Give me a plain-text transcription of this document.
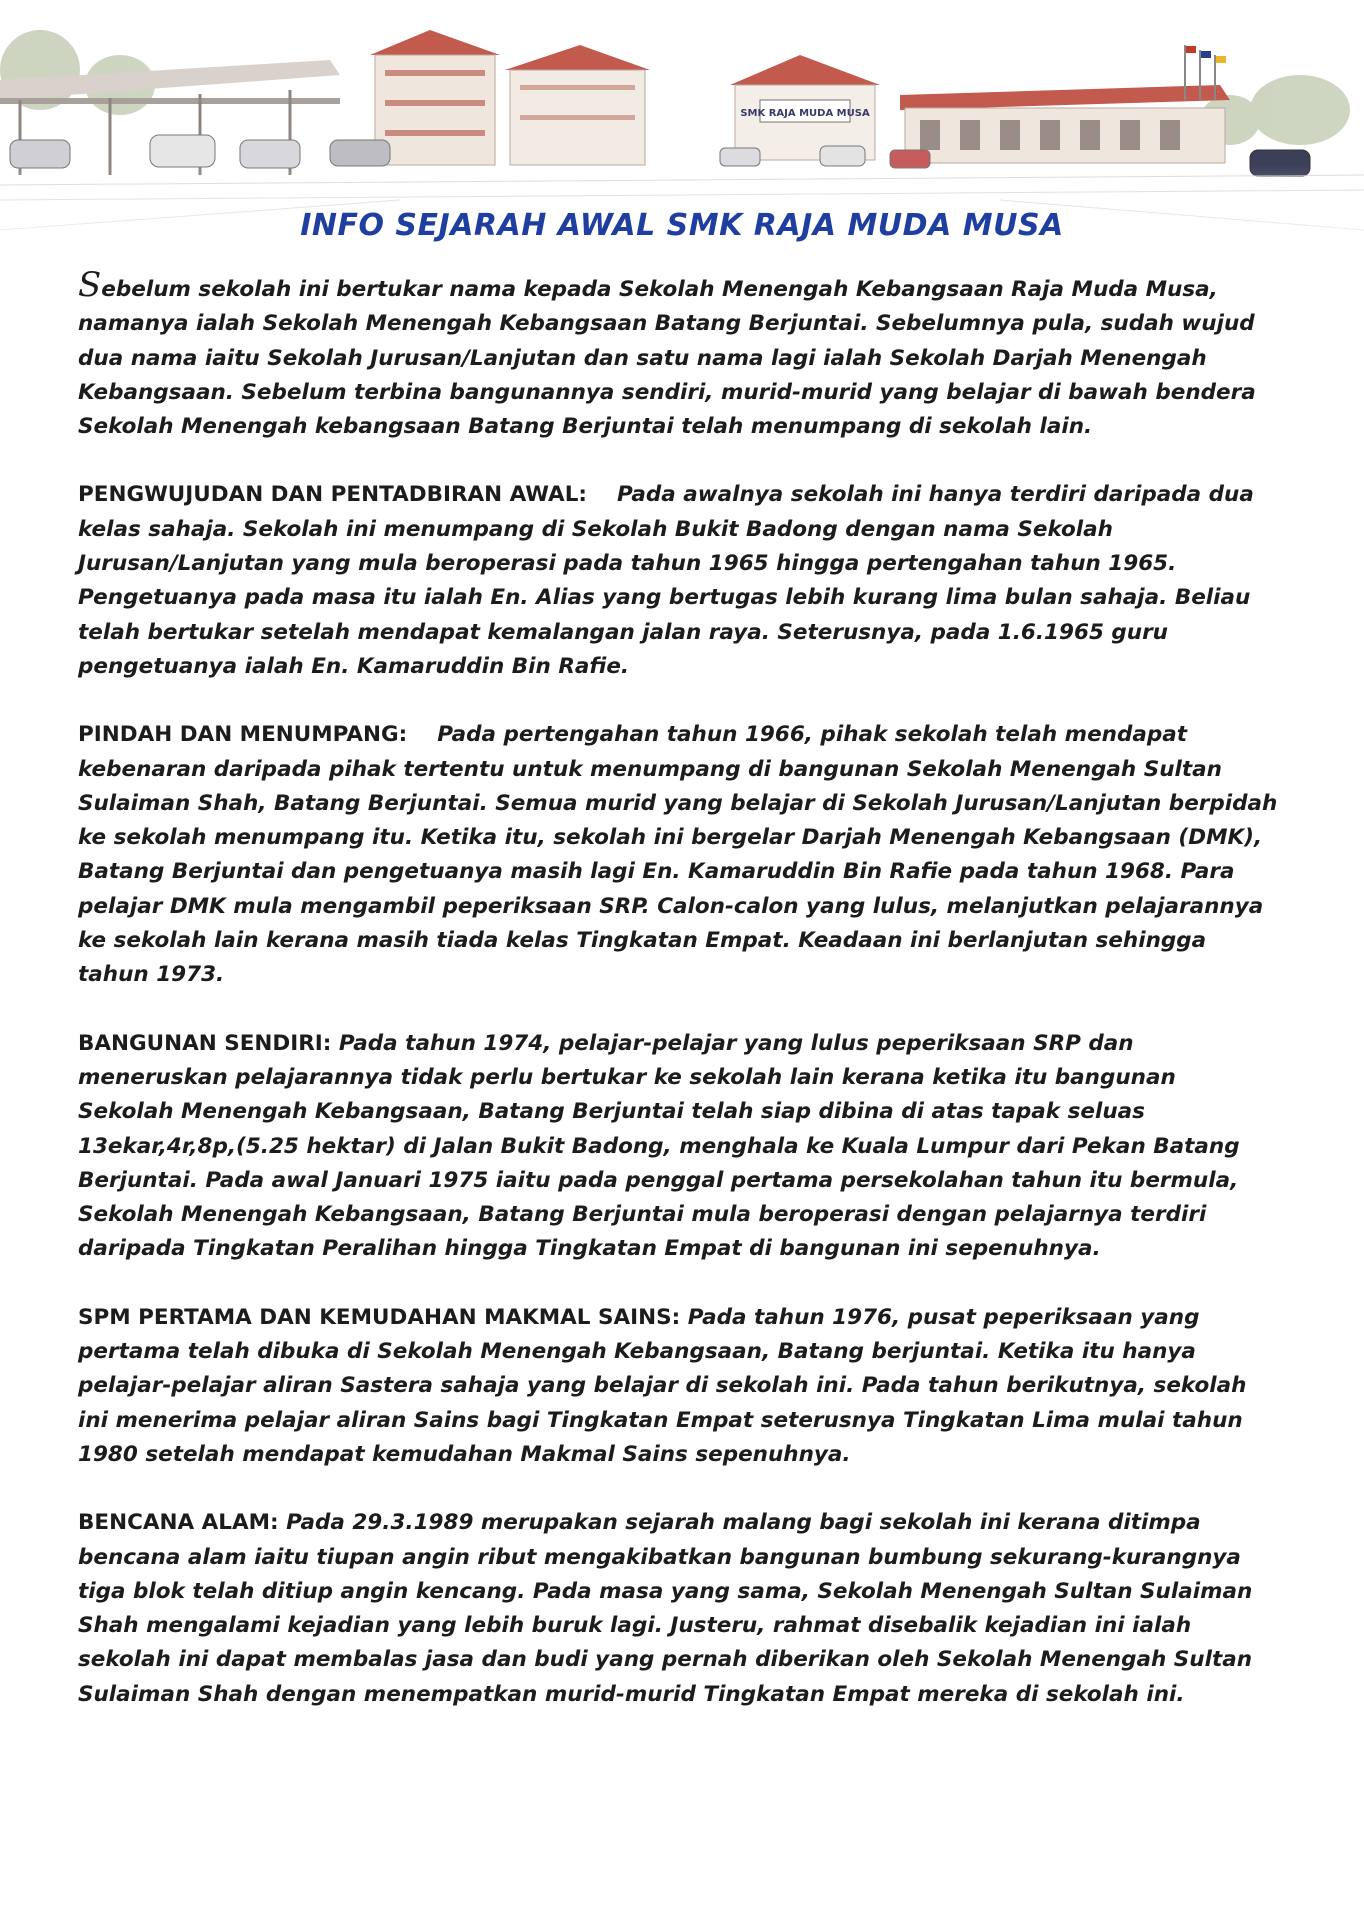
INFO SEJARAH AWAL SMK RAJA MUDA MUSA

Sebelum sekolah ini bertukar nama kepada Sekolah Menengah Kebangsaan Raja Muda Musa, namanya ialah Sekolah Menengah Kebangsaan Batang Berjuntai. Sebelumnya pula, sudah wujud dua nama iaitu Sekolah Jurusan/Lanjutan dan satu nama lagi ialah Sekolah Darjah Menengah Kebangsaan. Sebelum terbina bangunannya sendiri, murid-murid yang belajar di bawah bendera Sekolah Menengah kebangsaan Batang Berjuntai telah menumpang di sekolah lain.

PENGWUJUDAN DAN PENTADBIRAN AWAL: Pada awalnya sekolah ini hanya terdiri daripada dua kelas sahaja. Sekolah ini menumpang di Sekolah Bukit Badong dengan nama Sekolah Jurusan/Lanjutan yang mula beroperasi pada tahun 1965 hingga pertengahan tahun 1965. Pengetuanya pada masa itu ialah En. Alias yang bertugas lebih kurang lima bulan sahaja. Beliau telah bertukar setelah mendapat kemalangan jalan raya. Seterusnya, pada 1.6.1965 guru pengetuanya ialah En. Kamaruddin Bin Rafie.

PINDAH DAN MENUMPANG: Pada pertengahan tahun 1966, pihak sekolah telah mendapat kebenaran daripada pihak tertentu untuk menumpang di bangunan Sekolah Menengah Sultan Sulaiman Shah, Batang Berjuntai. Semua murid yang belajar di Sekolah Jurusan/Lanjutan berpidah ke sekolah menumpang itu. Ketika itu, sekolah ini bergelar Darjah Menengah Kebangsaan (DMK), Batang Berjuntai dan pengetuanya masih lagi En. Kamaruddin Bin Rafie pada tahun 1968. Para pelajar DMK mula mengambil peperiksaan SRP. Calon-calon yang lulus, melanjutkan pelajarannya ke sekolah lain kerana masih tiada kelas Tingkatan Empat. Keadaan ini berlanjutan sehingga tahun 1973.

BANGUNAN SENDIRI: Pada tahun 1974, pelajar-pelajar yang lulus peperiksaan SRP dan meneruskan pelajarannya tidak perlu bertukar ke sekolah lain kerana ketika itu bangunan Sekolah Menengah Kebangsaan, Batang Berjuntai telah siap dibina di atas tapak seluas 13ekar,4r,8p,(5.25 hektar) di Jalan Bukit Badong, menghala ke Kuala Lumpur dari Pekan Batang Berjuntai. Pada awal Januari 1975 iaitu pada penggal pertama persekolahan tahun itu bermula, Sekolah Menengah Kebangsaan, Batang Berjuntai mula beroperasi dengan pelajarnya terdiri daripada Tingkatan Peralihan hingga Tingkatan Empat di bangunan ini sepenuhnya.

SPM PERTAMA DAN KEMUDAHAN MAKMAL SAINS: Pada tahun 1976, pusat peperiksaan yang pertama telah dibuka di Sekolah Menengah Kebangsaan, Batang berjuntai. Ketika itu hanya pelajar-pelajar aliran Sastera sahaja yang belajar di sekolah ini. Pada tahun berikutnya, sekolah ini menerima pelajar aliran Sains bagi Tingkatan Empat seterusnya Tingkatan Lima mulai tahun 1980 setelah mendapat kemudahan Makmal Sains sepenuhnya.

BENCANA ALAM: Pada 29.3.1989 merupakan sejarah malang bagi sekolah ini kerana ditimpa bencana alam iaitu tiupan angin ribut mengakibatkan bangunan bumbung sekurang-kurangnya tiga blok telah ditiup angin kencang. Pada masa yang sama, Sekolah Menengah Sultan Sulaiman Shah mengalami kejadian yang lebih buruk lagi. Justeru, rahmat disebalik kejadian ini ialah sekolah ini dapat membalas jasa dan budi yang pernah diberikan oleh Sekolah Menengah Sultan Sulaiman Shah dengan menempatkan murid-murid Tingkatan Empat mereka di sekolah ini.
